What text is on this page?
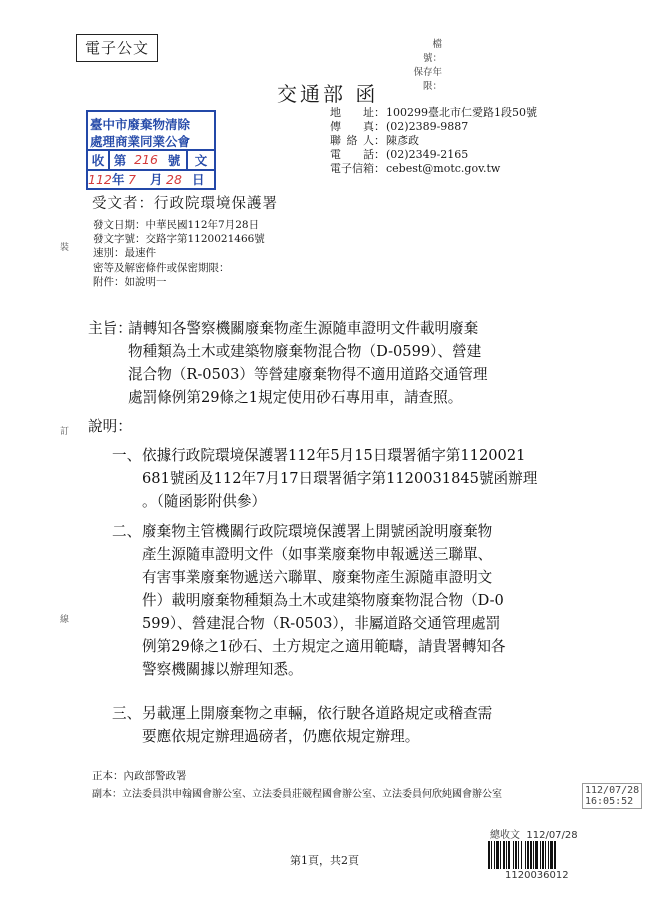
電子公文	檔　　號：
保存年限：
交通部 函
地址 ： 100299臺北市仁愛路1段50號
傳真 ： (02)2389-9887
聯絡人 ： 陳彥政
電話 ： (02)2349-2165
電子信箱 ： cebest@motc.gov.tw
臺中市廢棄物清除
處理商業同業公會
收 第 216 號	文
112 年 7	月 28 日
受文者：行政院環境保護署
發文日期： 中華民國112年7月28日
發文字號： 交路字第1120021466號
速別： 最速件
密等及解密條件或保密期限：
附件： 如說明一
裝
訂
線
主旨：
請轉知各警察機關廢棄物產生源隨車證明文件載明廢棄
物種類為土木或建築物廢棄物混合物（D-0599）、營建
混合物（R-0503）等營建廢棄物得不適用道路交通管理
處罰條例第29條之1規定使用砂石專用車，請查照。
說明：
一、 依據行政院環境保護署112年5月15日環署循字第1120021
681號函及112年7月17日環署循字第1120031845號函辦理
。（隨函影附供參）
二、 廢棄物主管機關行政院環境保護署上開號函說明廢棄物
產生源隨車證明文件（如事業廢棄物申報遞送三聯單、
有害事業廢棄物遞送六聯單、廢棄物產生源隨車證明文
件）載明廢棄物種類為土木或建築物廢棄物混合物（D-0
599）、營建混合物（R-0503），非屬道路交通管理處罰
例第29條之1砂石、土方規定之適用範疇，請貴署轉知各
警察機關據以辦理知悉。
三、 另載運上開廢棄物之車輛，依行駛各道路規定或稽查需
要應依規定辦理過磅者，仍應依規定辦理。
正本：內政部警政署
副本：立法委員洪申翰國會辦公室、立法委員莊競程國會辦公室、立法委員何欣純國會辦公室	112/07/28
16:05:52
第1頁，共2頁
總收文 112/07/28
1120036012
